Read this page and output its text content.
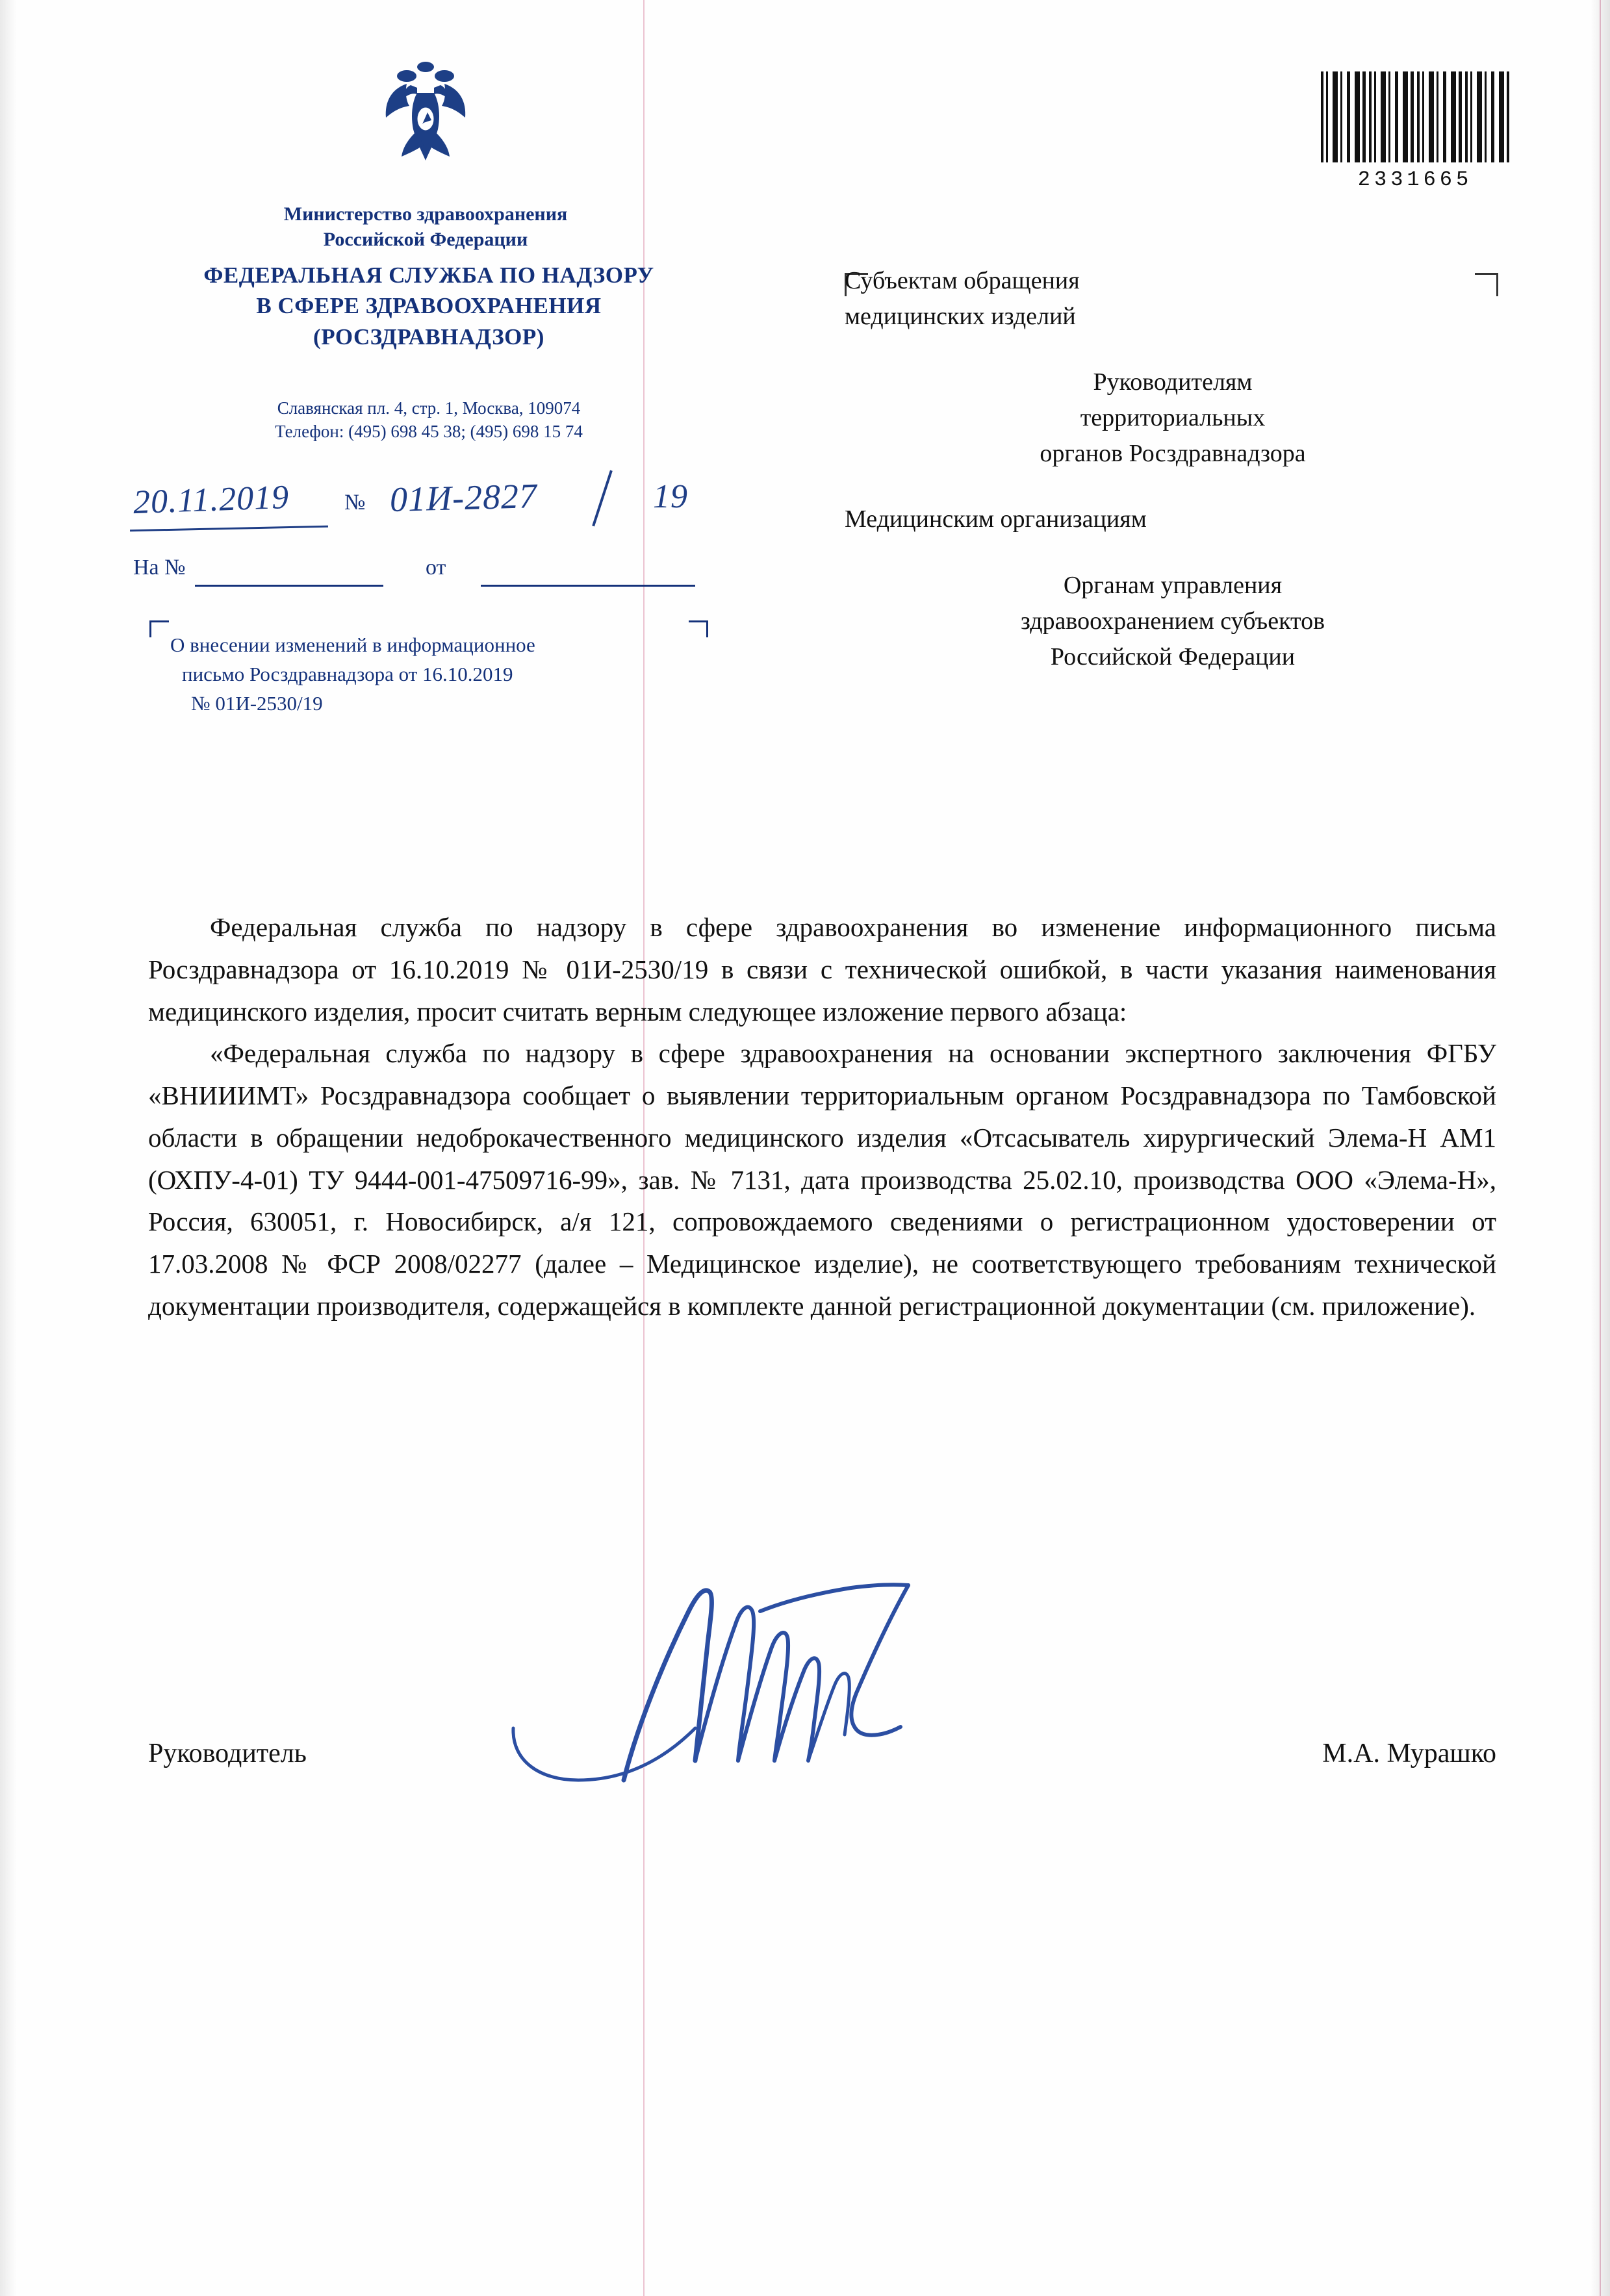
Министерство здравоохранения
Российской Федерации
ФЕДЕРАЛЬНАЯ СЛУЖБА ПО НАДЗОРУ
В СФЕРЕ ЗДРАВООХРАНЕНИЯ
(РОСЗДРАВНАДЗОР)
Славянская пл. 4, стр. 1, Москва, 109074
Телефон: (495) 698 45 38; (495) 698 15 74
20.11.2019 № 01И-2827	19
На №	от
О внесении изменений в информационное
письмо Росздравнадзора от 16.10.2019
№ 01И-2530/19
2331665

Субъектам обращения
медицинских изделий

Руководителям
территориальных
органов Росздравнадзора

Медицинским организациям

Органам управления
здравоохранением субъектов
Российской Федерации

Федеральная служба по надзору в сфере здравоохранения во изменение информационного письма Росздравнадзора от 16.10.2019 № 01И-2530/19 в связи с технической ошибкой, в части указания наименования медицинского изделия, просит считать верным следующее изложение первого абзаца:

«Федеральная служба по надзору в сфере здравоохранения на основании экспертного заключения ФГБУ «ВНИИИМТ» Росздравнадзора сообщает о выявлении территориальным органом Росздравнадзора по Тамбовской области в обращении недоброкачественного медицинского изделия «Отсасыватель хирургический Элема-Н АМ1 (ОХПУ-4-01) ТУ 9444-001-47509716-99», зав. № 7131, дата производства 25.02.10, производства ООО «Элема-Н», Россия, 630051, г. Новосибирск, а/я 121, сопровождаемого сведениями о регистрационном удостоверении от 17.03.2008 № ФСР 2008/02277 (далее – Медицинское изделие), не соответствующего требованиям технической документации производителя, содержащейся в комплекте данной регистрационной документации (см. приложение).

Руководитель	М.А. Мурашко
